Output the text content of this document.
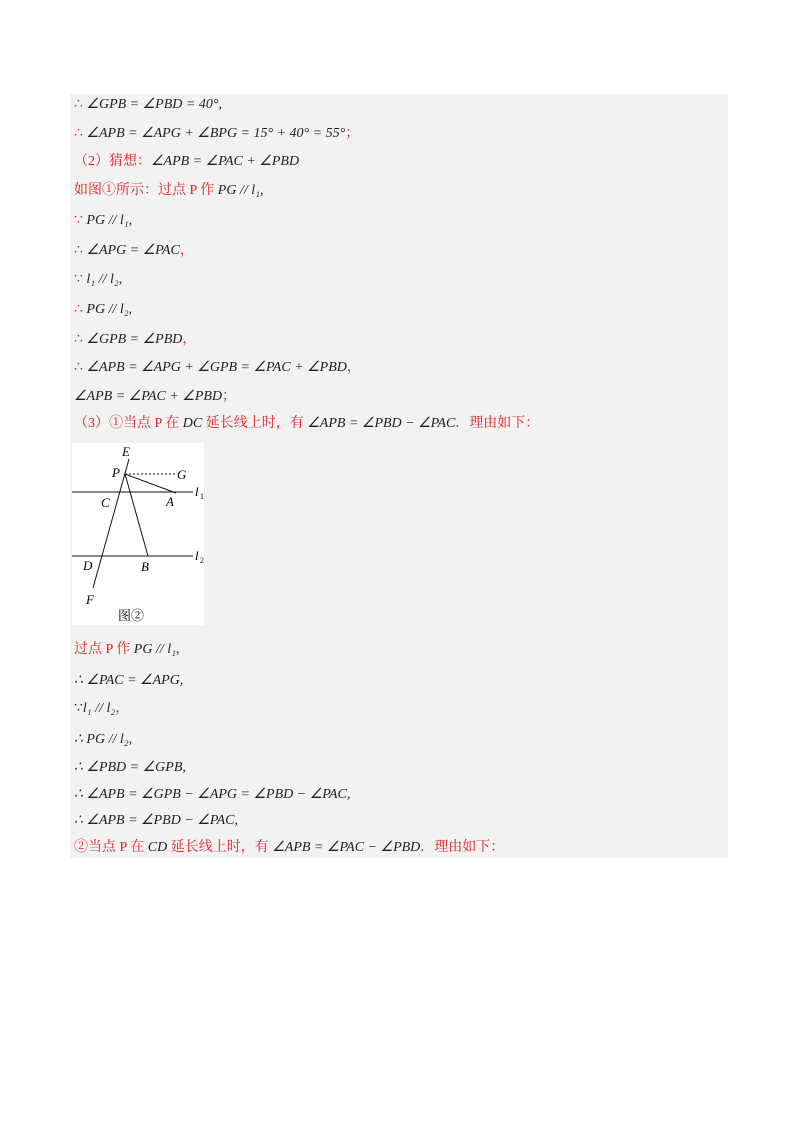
∴ ∠GPB = ∠PBD = 40°,
∴ ∠APB = ∠APG + ∠BPG = 15° + 40° = 55°；
（2）猜想：∠APB = ∠PAC + ∠PBD
如图①所示：过点 P 作 PG // l₁,
∵ PG // l₁,
∴ ∠APG = ∠PAC，
∵ l₁ // l₂,
∴ PG // l₂,
∴ ∠GPB = ∠PBD，
∴ ∠APB = ∠APG + ∠GPB = ∠PAC + ∠PBD，
∠APB = ∠PAC + ∠PBD；
（3）①当点 P 在 DC 延长线上时，有 ∠APB = ∠PBD − ∠PAC．理由如下：
E
P	G
C	A
l 1
D	B
l 2
F
图②
过点 P 作 PG // l₁,
∴ ∠PAC = ∠APG,
∵l₁ // l₂，
∴ PG // l₂,
∴ ∠PBD = ∠GPB,
∴ ∠APB = ∠GPB − ∠APG = ∠PBD − ∠PAC,
∴ ∠APB = ∠PBD − ∠PAC,
②当点 P 在 CD 延长线上时，有 ∠APB = ∠PAC − ∠PBD．理由如下：
